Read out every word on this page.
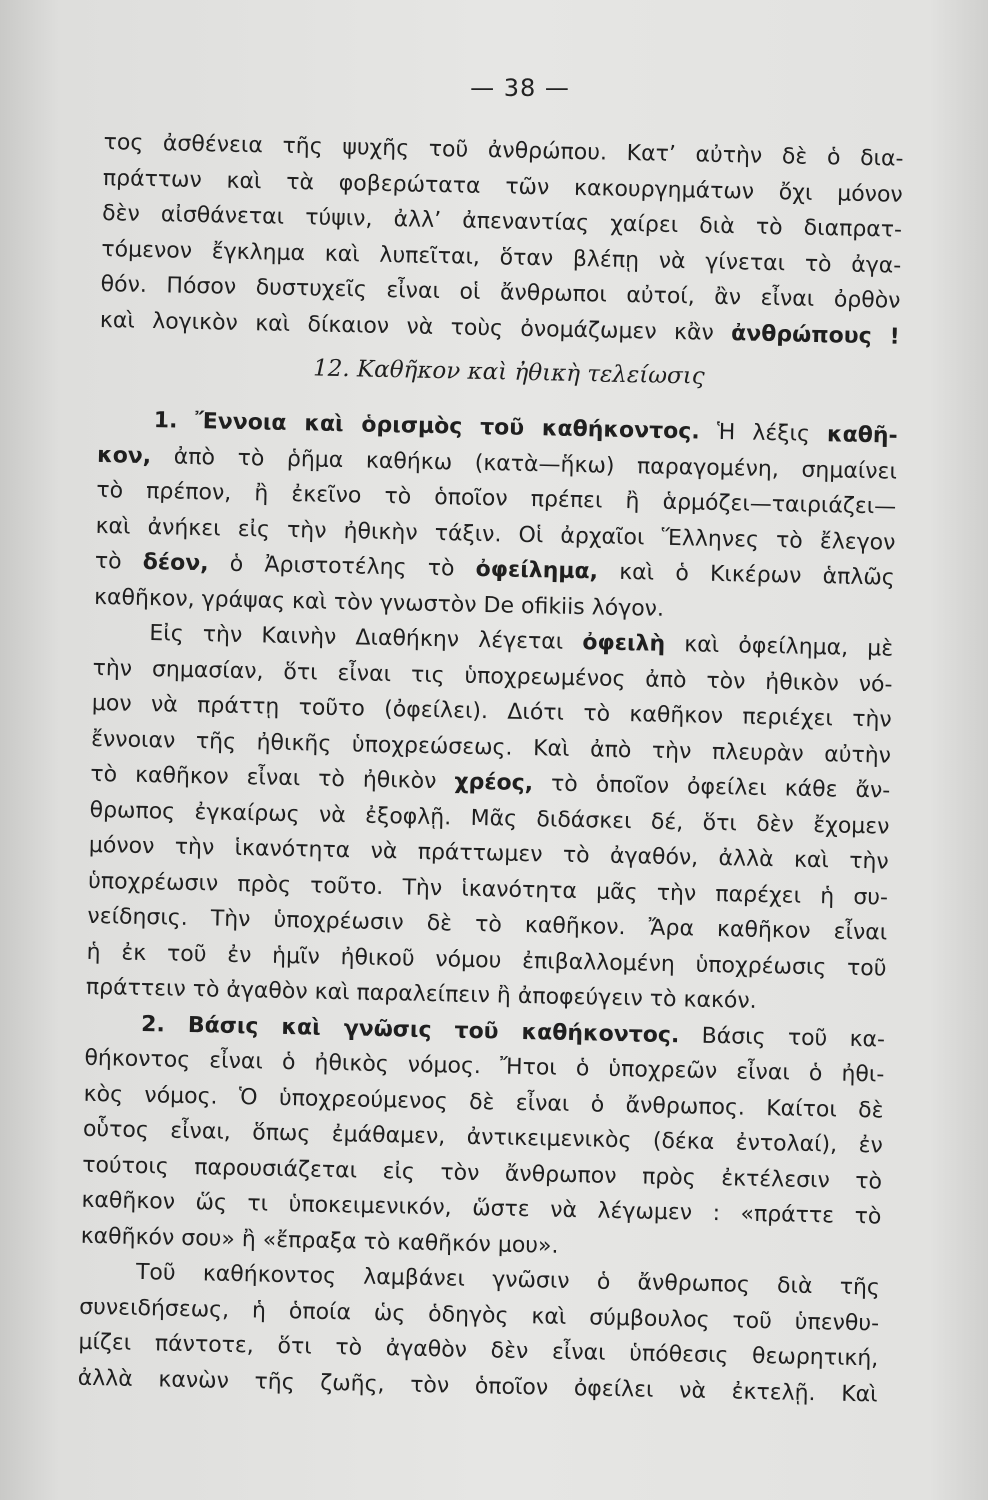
— 38 —
τος ἀσθένεια τῆς ψυχῆς τοῦ ἀνθρώπου. Κατ’ αὐτὴν δὲ ὁ δια-
πράττων καὶ τὰ φοβερώτατα τῶν κακουργημάτων ὄχι μόνον
δὲν αἰσθάνεται τύψιν, ἀλλ’ ἀπεναντίας χαίρει διὰ τὸ διαπρατ-
τόμενον ἔγκλημα καὶ λυπεῖται, ὅταν βλέπῃ νὰ γίνεται τὸ ἀγα-
θόν. Πόσον δυστυχεῖς εἶναι οἱ ἄνθρωποι αὐτοί, ἂν εἶναι ὀρθὸν
καὶ λογικὸν καὶ δίκαιον νὰ τοὺς ὀνομάζωμεν κἂν ἀνθρώπους !
12. Καθῆκον καὶ ἠθικὴ τελείωσις
1. Ἔννοια καὶ ὁρισμὸς τοῦ καθήκοντος. Ἡ λέξις καθῆ-
κον, ἀπὸ τὸ ῥῆμα καθήκω (κατὰ—ἥκω) παραγομένη, σημαίνει
τὸ πρέπον, ἢ ἐκεῖνο τὸ ὁποῖον πρέπει ἢ ἁρμόζει—ταιριάζει—
καὶ ἀνήκει εἰς τὴν ἠθικὴν τάξιν. Οἱ ἀρχαῖοι Ἕλληνες τὸ ἔλεγον
τὸ δέον, ὁ Ἀριστοτέλης τὸ ὀφείλημα, καὶ ὁ Κικέρων ἁπλῶς
καθῆκον, γράψας καὶ τὸν γνωστὸν De ofikiis λόγον.
Εἰς τὴν Καινὴν Διαθήκην λέγεται ὀφειλὴ καὶ ὀφείλημα, μὲ
τὴν σημασίαν, ὅτι εἶναι τις ὑποχρεωμένος ἀπὸ τὸν ἠθικὸν νό-
μον νὰ πράττῃ τοῦτο (ὀφείλει). Διότι τὸ καθῆκον περιέχει τὴν
ἔννοιαν τῆς ἠθικῆς ὑποχρεώσεως. Καὶ ἀπὸ τὴν πλευρὰν αὐτὴν
τὸ καθῆκον εἶναι τὸ ἠθικὸν χρέος, τὸ ὁποῖον ὀφείλει κάθε ἄν-
θρωπος ἐγκαίρως νὰ ἐξοφλῇ. Μᾶς διδάσκει δέ, ὅτι δὲν ἔχομεν
μόνον τὴν ἱκανότητα νὰ πράττωμεν τὸ ἀγαθόν, ἀλλὰ καὶ τὴν
ὑποχρέωσιν πρὸς τοῦτο. Τὴν ἱκανότητα μᾶς τὴν παρέχει ἡ συ-
νείδησις. Τὴν ὑποχρέωσιν δὲ τὸ καθῆκον. Ἄρα καθῆκον εἶναι
ἡ ἐκ τοῦ ἐν ἡμῖν ἠθικοῦ νόμου ἐπιβαλλομένη ὑποχρέωσις τοῦ
πράττειν τὸ ἀγαθὸν καὶ παραλείπειν ἢ ἀποφεύγειν τὸ κακόν.
2. Βάσις καὶ γνῶσις τοῦ καθήκοντος. Βάσις τοῦ κα-
θήκοντος εἶναι ὁ ἠθικὸς νόμος. Ἤτοι ὁ ὑποχρεῶν εἶναι ὁ ἠθι-
κὸς νόμος. Ὁ ὑποχρεούμενος δὲ εἶναι ὁ ἄνθρωπος. Καίτοι δὲ
οὗτος εἶναι, ὅπως ἐμάθαμεν, ἀντικειμενικὸς (δέκα ἐντολαί), ἐν
τούτοις παρουσιάζεται εἰς τὸν ἄνθρωπον πρὸς ἐκτέλεσιν τὸ
καθῆκον ὥς τι ὑποκειμενικόν, ὥστε νὰ λέγωμεν : «πράττε τὸ
καθῆκόν σου» ἢ «ἔπραξα τὸ καθῆκόν μου».
Τοῦ καθήκοντος λαμβάνει γνῶσιν ὁ ἄνθρωπος διὰ τῆς
συνειδήσεως, ἡ ὁποία ὡς ὁδηγὸς καὶ σύμβουλος τοῦ ὑπενθυ-
μίζει πάντοτε, ὅτι τὸ ἀγαθὸν δὲν εἶναι ὑπόθεσις θεωρητική,
ἀλλὰ κανὼν τῆς ζωῆς, τὸν ὁποῖον ὀφείλει νὰ ἐκτελῇ. Καὶ
